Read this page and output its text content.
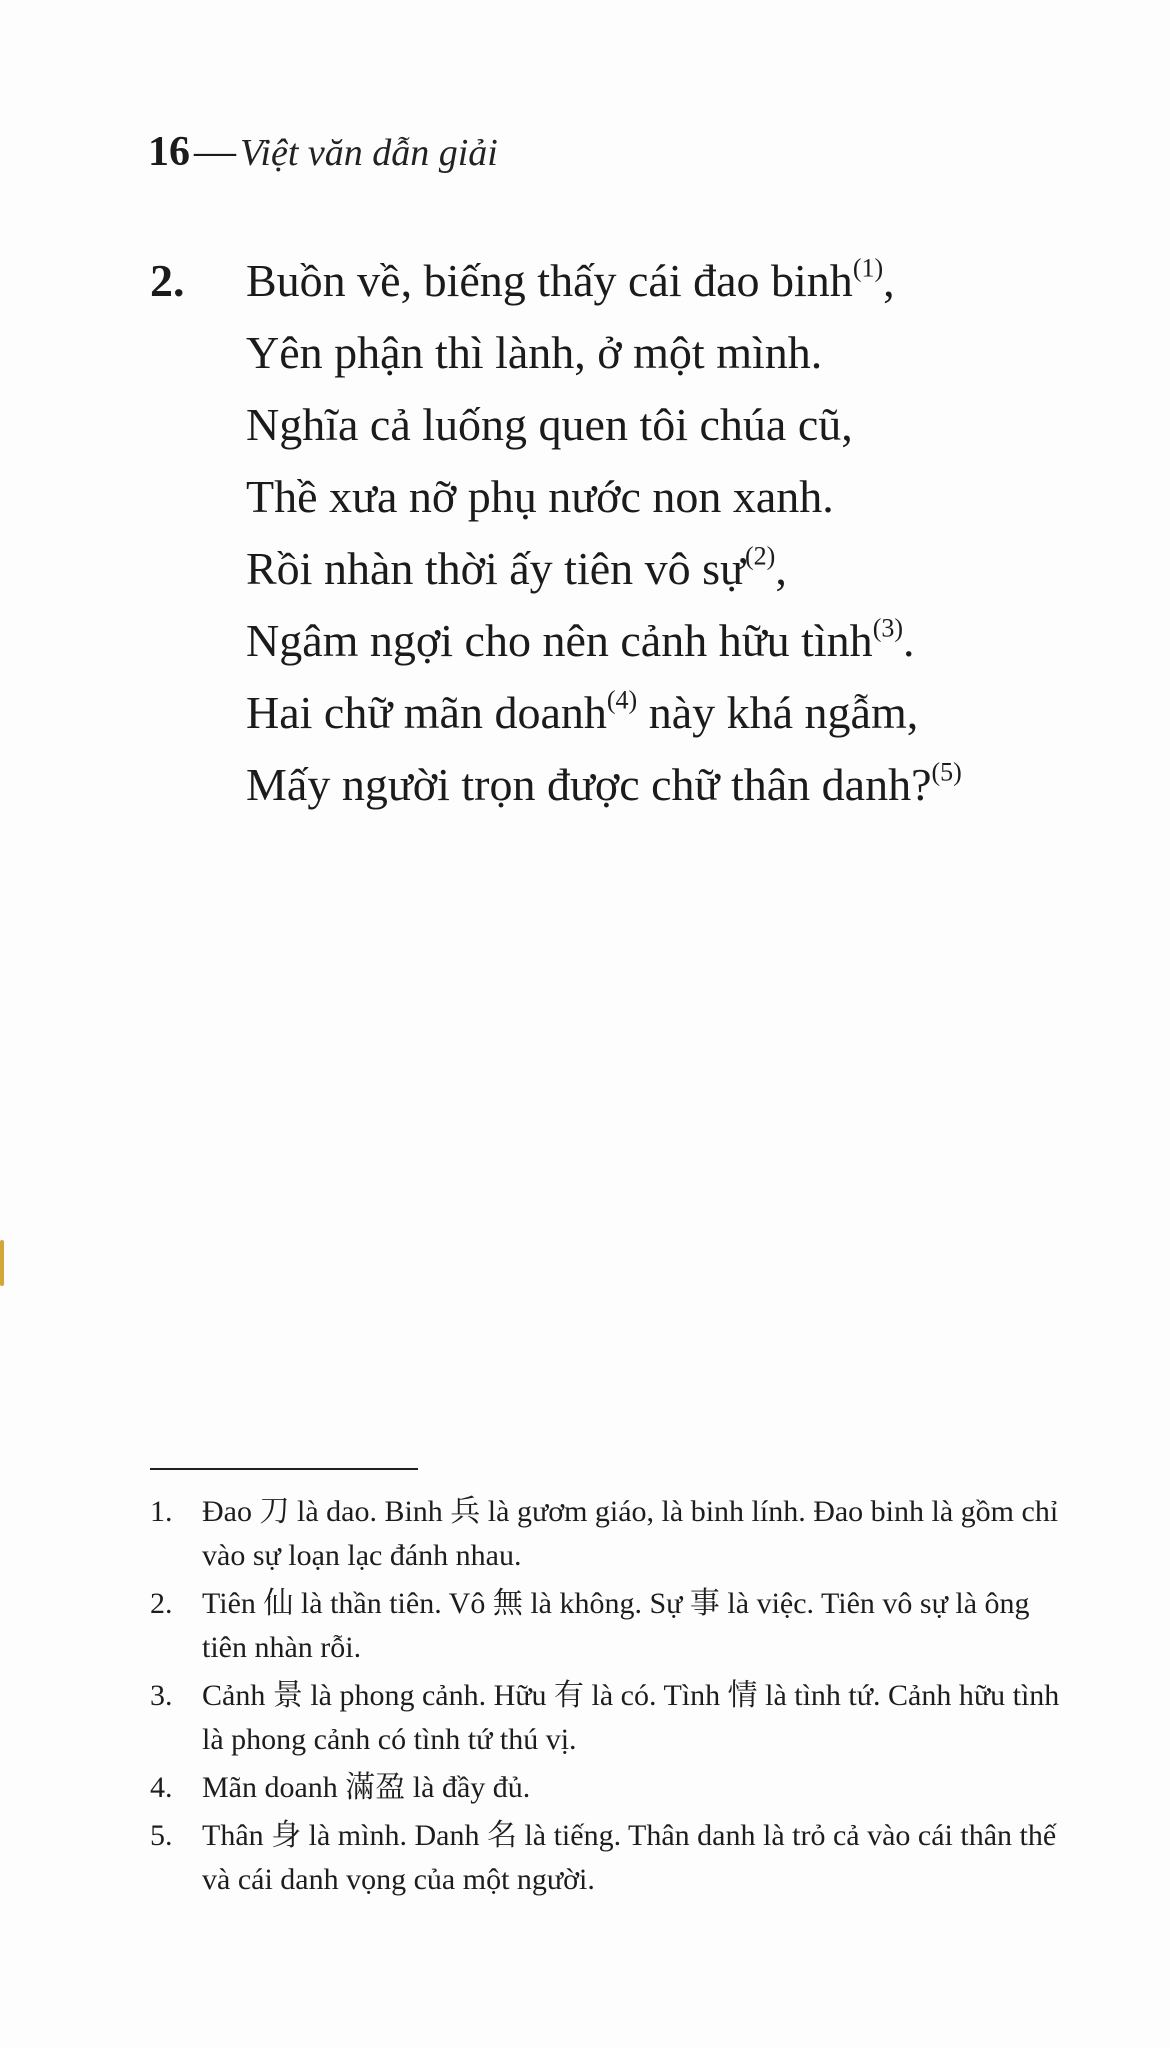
16— Việt văn dẫn giải
2. Buồn về, biếng thấy cái đao binh$^{(1)}$,
Yên phận thì lành, ở một mình.
Nghĩa cả luống quen tôi chúa cũ,
Thề xưa nỡ phụ nước non xanh.
Rồi nhàn thời ấy tiên vô sự$^{(2)}$,
Ngâm ngợi cho nên cảnh hữu tình$^{(3)}$.
Hai chữ mãn doanh$^{(4)}$ này khá ngẫm,
Mấy người trọn được chữ thân danh?$^{(5)}$
1. Đao 刀 là dao. Binh 兵 là gươm giáo, là binh lính. Đao binh là gồm chỉ vào sự loạn lạc đánh nhau.
2. Tiên 仙 là thần tiên. Vô 無 là không. Sự 事 là việc. Tiên vô sự là ông tiên nhàn rỗi.
3. Cảnh 景 là phong cảnh. Hữu 有 là có. Tình 情 là tình tứ. Cảnh hữu tình là phong cảnh có tình tứ thú vị.
4. Mãn doanh 滿盈 là đầy đủ.
5. Thân 身 là mình. Danh 名 là tiếng. Thân danh là trỏ cả vào cái thân thế và cái danh vọng của một người.
